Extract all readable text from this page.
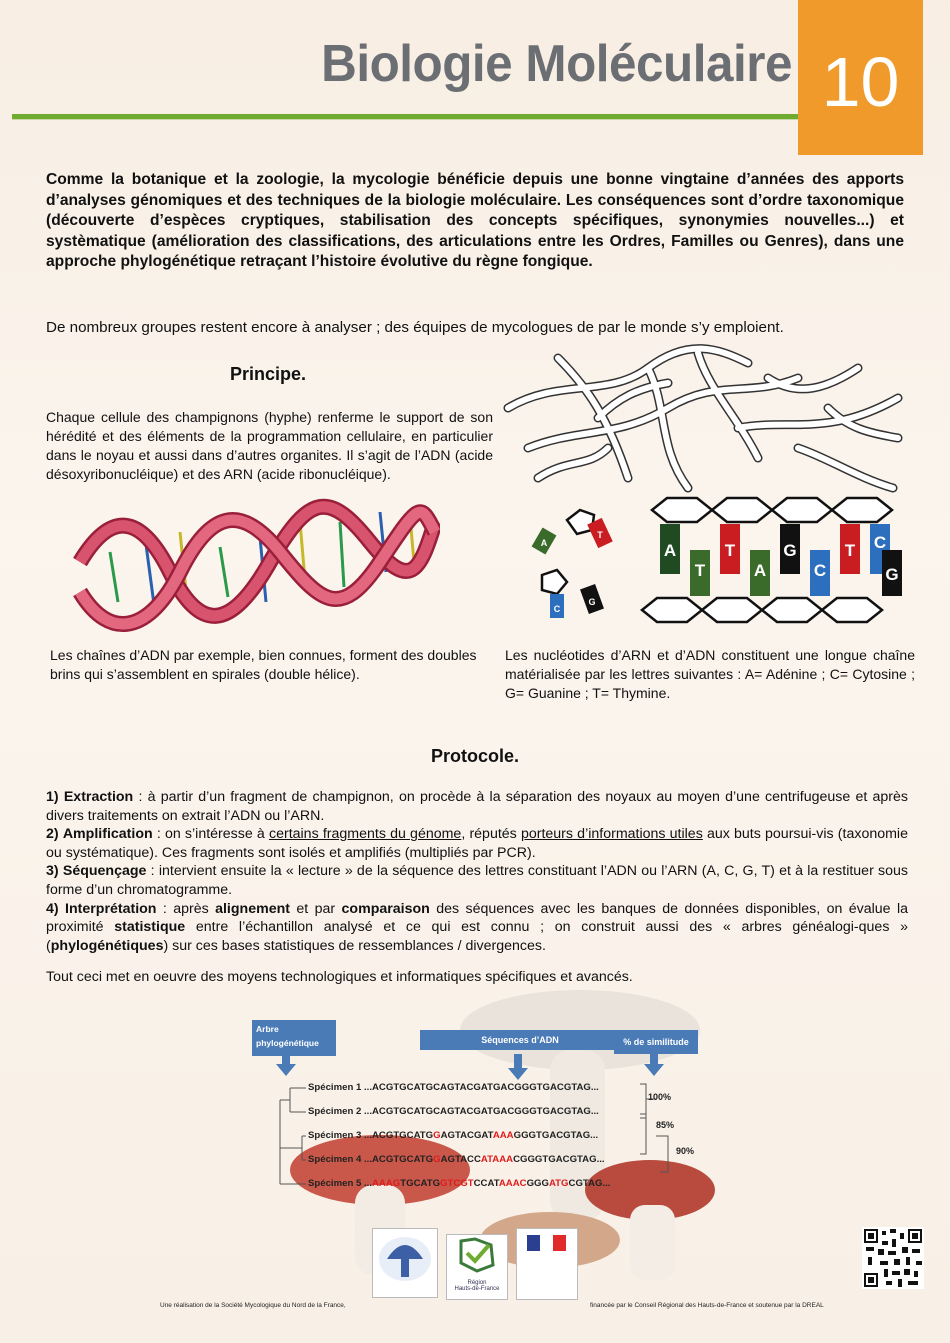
Biologie Moléculaire 10
Comme la botanique et la zoologie, la mycologie bénéficie depuis une bonne vingtaine d’années des apports d’analyses génomiques et des techniques de la biologie moléculaire. Les conséquences sont d’ordre taxonomique (découverte d’espèces cryptiques, stabilisation des concepts spécifiques, synonymies nouvelles...) et systèmatique (amélioration des classifications, des articulations entre les Ordres, Familles ou Genres), dans une approche phylogénétique retraçant l’histoire évolutive du règne fongique.
De nombreux groupes restent encore à analyser ; des équipes de mycologues de par le monde s’y emploient.
Principe.
Chaque cellule des champignons (hyphe) renferme le support de son hérédité et des éléments de la programmation cellulaire, en particulier dans le noyau et aussi dans d’autres organites. Il s’agit de l’ADN (acide désoxyribonucléique) et des ARN (acide ribonucléique).
A	T	G	T C
T	A	C	G
A
T
C
G
Les chaînes d’ADN par exemple, bien connues, forment des doubles brins qui s’assemblent en spirales (double hélice).
Les nucléotides d’ARN et d’ADN constituent une longue chaîne matérialisée par les lettres suivantes : A= Adénine ; C= Cytosine ; G= Guanine ; T= Thymine.
Protocole.
1) Extraction : à partir d’un fragment de champignon, on procède à la séparation des noyaux au moyen d’une centrifugeuse et après divers traitements on extrait l’ADN ou l’ARN.
2) Amplification : on s’intéresse à certains fragments du génome, réputés porteurs d’informations utiles aux buts poursui-vis (taxonomie ou systématique). Ces fragments sont isolés et amplifiés (multipliés par PCR).
3) Séquençage : intervient ensuite la « lecture » de la séquence des lettres constituant l’ADN ou l’ARN (A, C, G, T) et à la restituer sous forme d’un chromatogramme.
4) Interprétation : après alignement et par comparaison des séquences avec les banques de données disponibles, on évalue la proximité statistique entre l’échantillon analysé et ce qui est connu ; on construit aussi des « arbres généalogi-ques » (phylogénétiques) sur ces bases statistiques de ressemblances / divergences.
Tout ceci met en oeuvre des moyens technologiques et informatiques spécifiques et avancés.
Arbre
phylogénétique	Séquences d’ADN	% de similitude
Spécimen 1 ...ACGTGCATGCAGTACGATGACGGGTGACGTAG...
Spécimen 2 ...ACGTGCATGCAGTACGATGACGGGTGACGTAG...
Spécimen 3 ...ACGTGCATGGAGTACGATAAAGGGTGACGTAG...
Spécimen 4 ...ACGTGCATGGAGTACCATAAACGGGTGACGTAG...
Spécimen 5 ...AAAGTGCATGGTCGTCCATAAACGGGATGCGTAG...
100%
85%
90%
Région
Hauts-de-France
Une réalisation de la Société Mycologique du Nord de la France,	financée par le Conseil Régional des Hauts-de-France et soutenue par la DREAL
